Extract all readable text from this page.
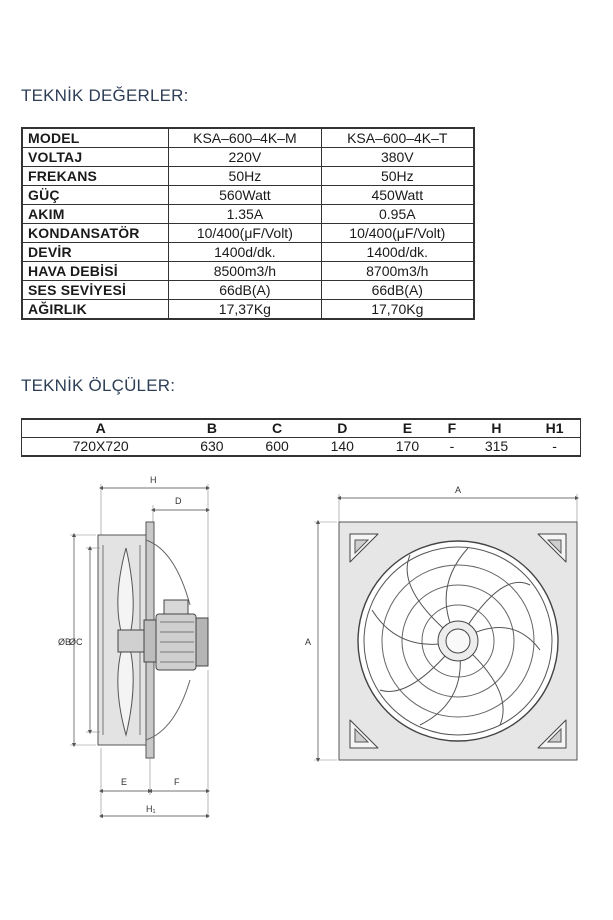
TEKNİK DEĞERLER:
MODEL	KSA–600–4K–M	KSA–600–4K–T
VOLTAJ	220V	380V
FREKANS	50Hz	50Hz
GÜÇ	560Watt	450Watt
AKIM	1.35A	0.95A
KONDANSATÖR	10/400(μF/Volt)	10/400(μF/Volt)
DEVİR	1400d/dk.	1400d/dk.
HAVA DEBİSİ	8500m3/h	8700m3/h
SES SEVİYESİ	66dB(A)	66dB(A)
AĞIRLIK	17,37Kg	17,70Kg
TEKNİK ÖLÇÜLER:
A	B	C	D	E	F	H	H1
720X720	630	600	140	170	-	315	-
H
D
ØB
ØC
E	F
H₁
A
A
